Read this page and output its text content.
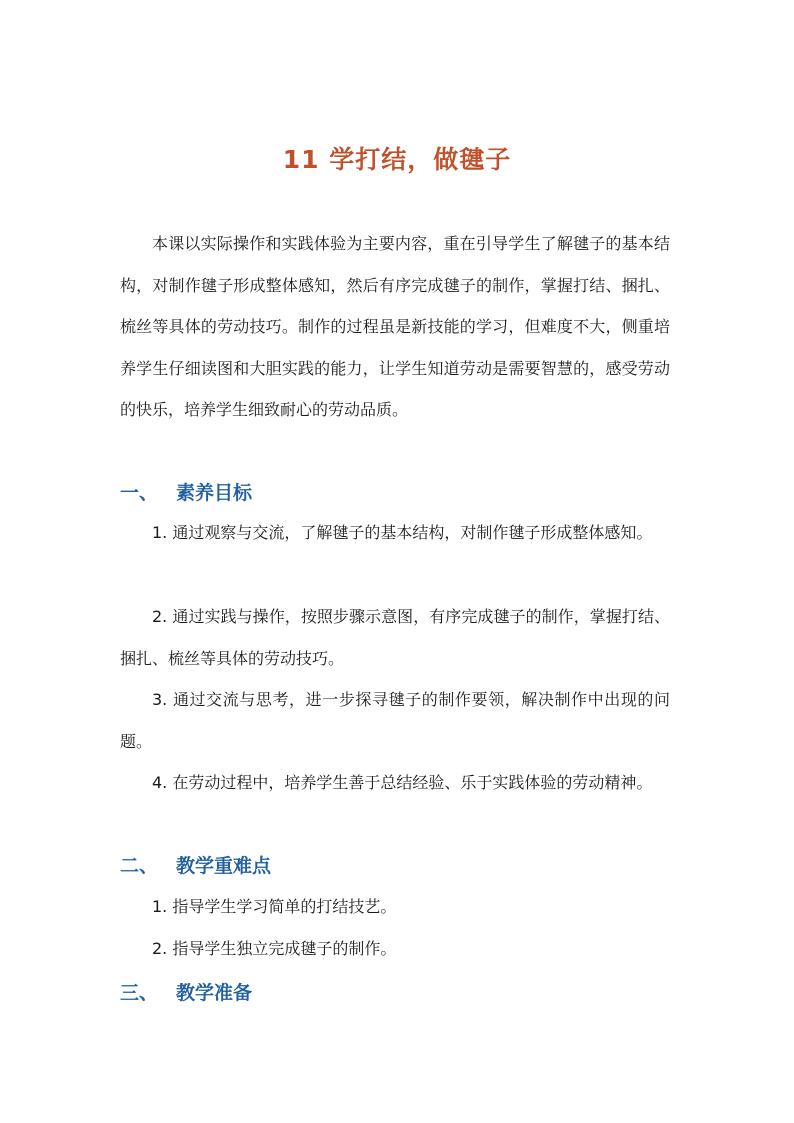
11 学打结，做毽子

本课以实际操作和实践体验为主要内容，重在引导学生了解毽子的基本结构，对制作毽子形成整体感知，然后有序完成毽子的制作，掌握打结、捆扎、梳丝等具体的劳动技巧。制作的过程虽是新技能的学习，但难度不大，侧重培养学生仔细读图和大胆实践的能力，让学生知道劳动是需要智慧的，感受劳动的快乐，培养学生细致耐心的劳动品质。

一、 素养目标

1. 通过观察与交流，了解毽子的基本结构，对制作毽子形成整体感知。

2. 通过实践与操作，按照步骤示意图，有序完成毽子的制作，掌握打结、捆扎、梳丝等具体的劳动技巧。

3. 通过交流与思考，进一步探寻毽子的制作要领，解决制作中出现的问题。

4. 在劳动过程中，培养学生善于总结经验、乐于实践体验的劳动精神。

二、 教学重难点

1. 指导学生学习简单的打结技艺。

2. 指导学生独立完成毽子的制作。

三、 教学准备
